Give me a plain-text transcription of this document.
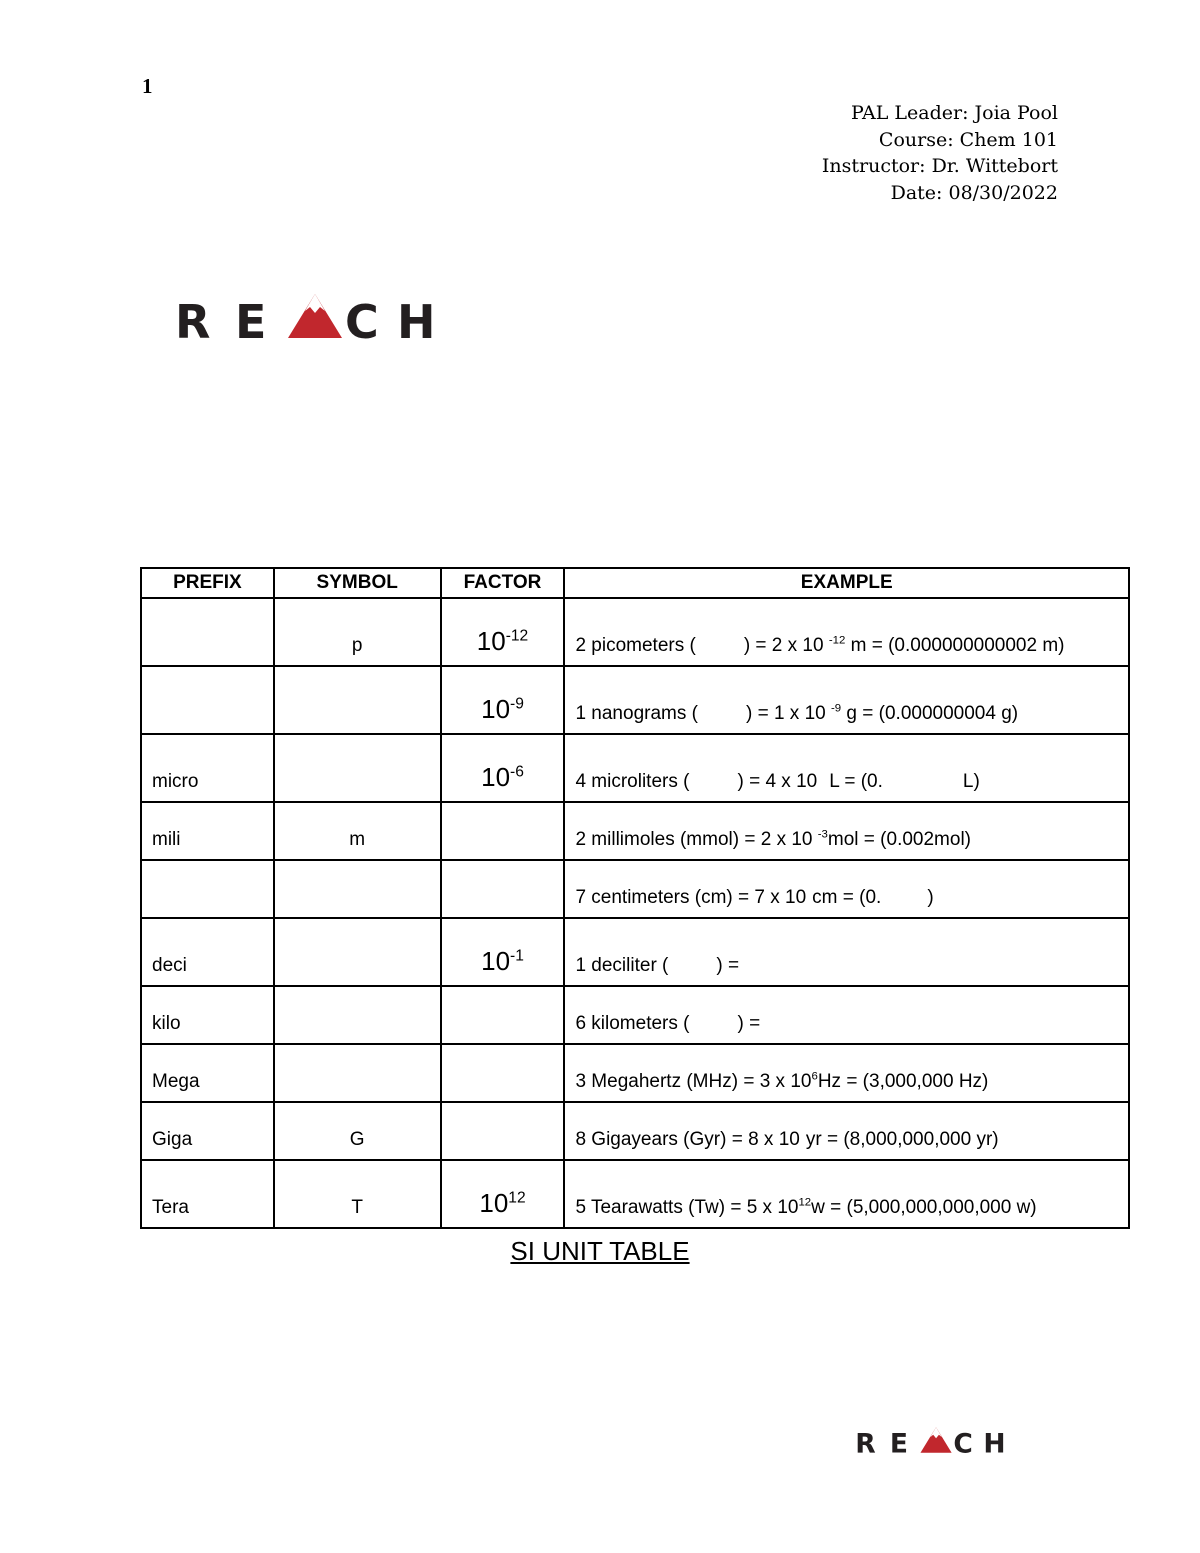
1
PAL Leader: Joia Pool
Course: Chem 101
Instructor: Dr. Wittebort
Date: 08/30/2022
R E C H
PREFIX	SYMBOL	FACTOR	EXAMPLE
	p	$10^{-12}$	2 picometers ( ) = 2 x 10 $^{-12}$ m = (0.000000000002 m)
		$10^{-9}$	1 nanograms ( ) = 1 x 10 $^{-9}$ g = (0.000000004 g)
micro		$10^{-6}$	4 microliters ( ) = 4 x 10 L = (0. L)
mili	m		2 millimoles (mmol) = 2 x 10 $^{-3}$mol = (0.002mol)
			7 centimeters (cm) = 7 x 10 cm = (0. )
deci		$10^{-1}$	1 deciliter ( ) =
kilo			6 kilometers ( ) =
Mega			3 Megahertz (MHz) = 3 x $10^6Hz = (3,000,000$ Hz)
Giga	G		8 Gigayears (Gyr) = 8 x 10 yr = (8,000,000,000 yr)
Tera	T	$10^{12}$	5 Tearawatts (Tw) = 5 x $10^{12}w = (5,000,000,000,000$ w)
SI UNIT TABLE
R E C H
